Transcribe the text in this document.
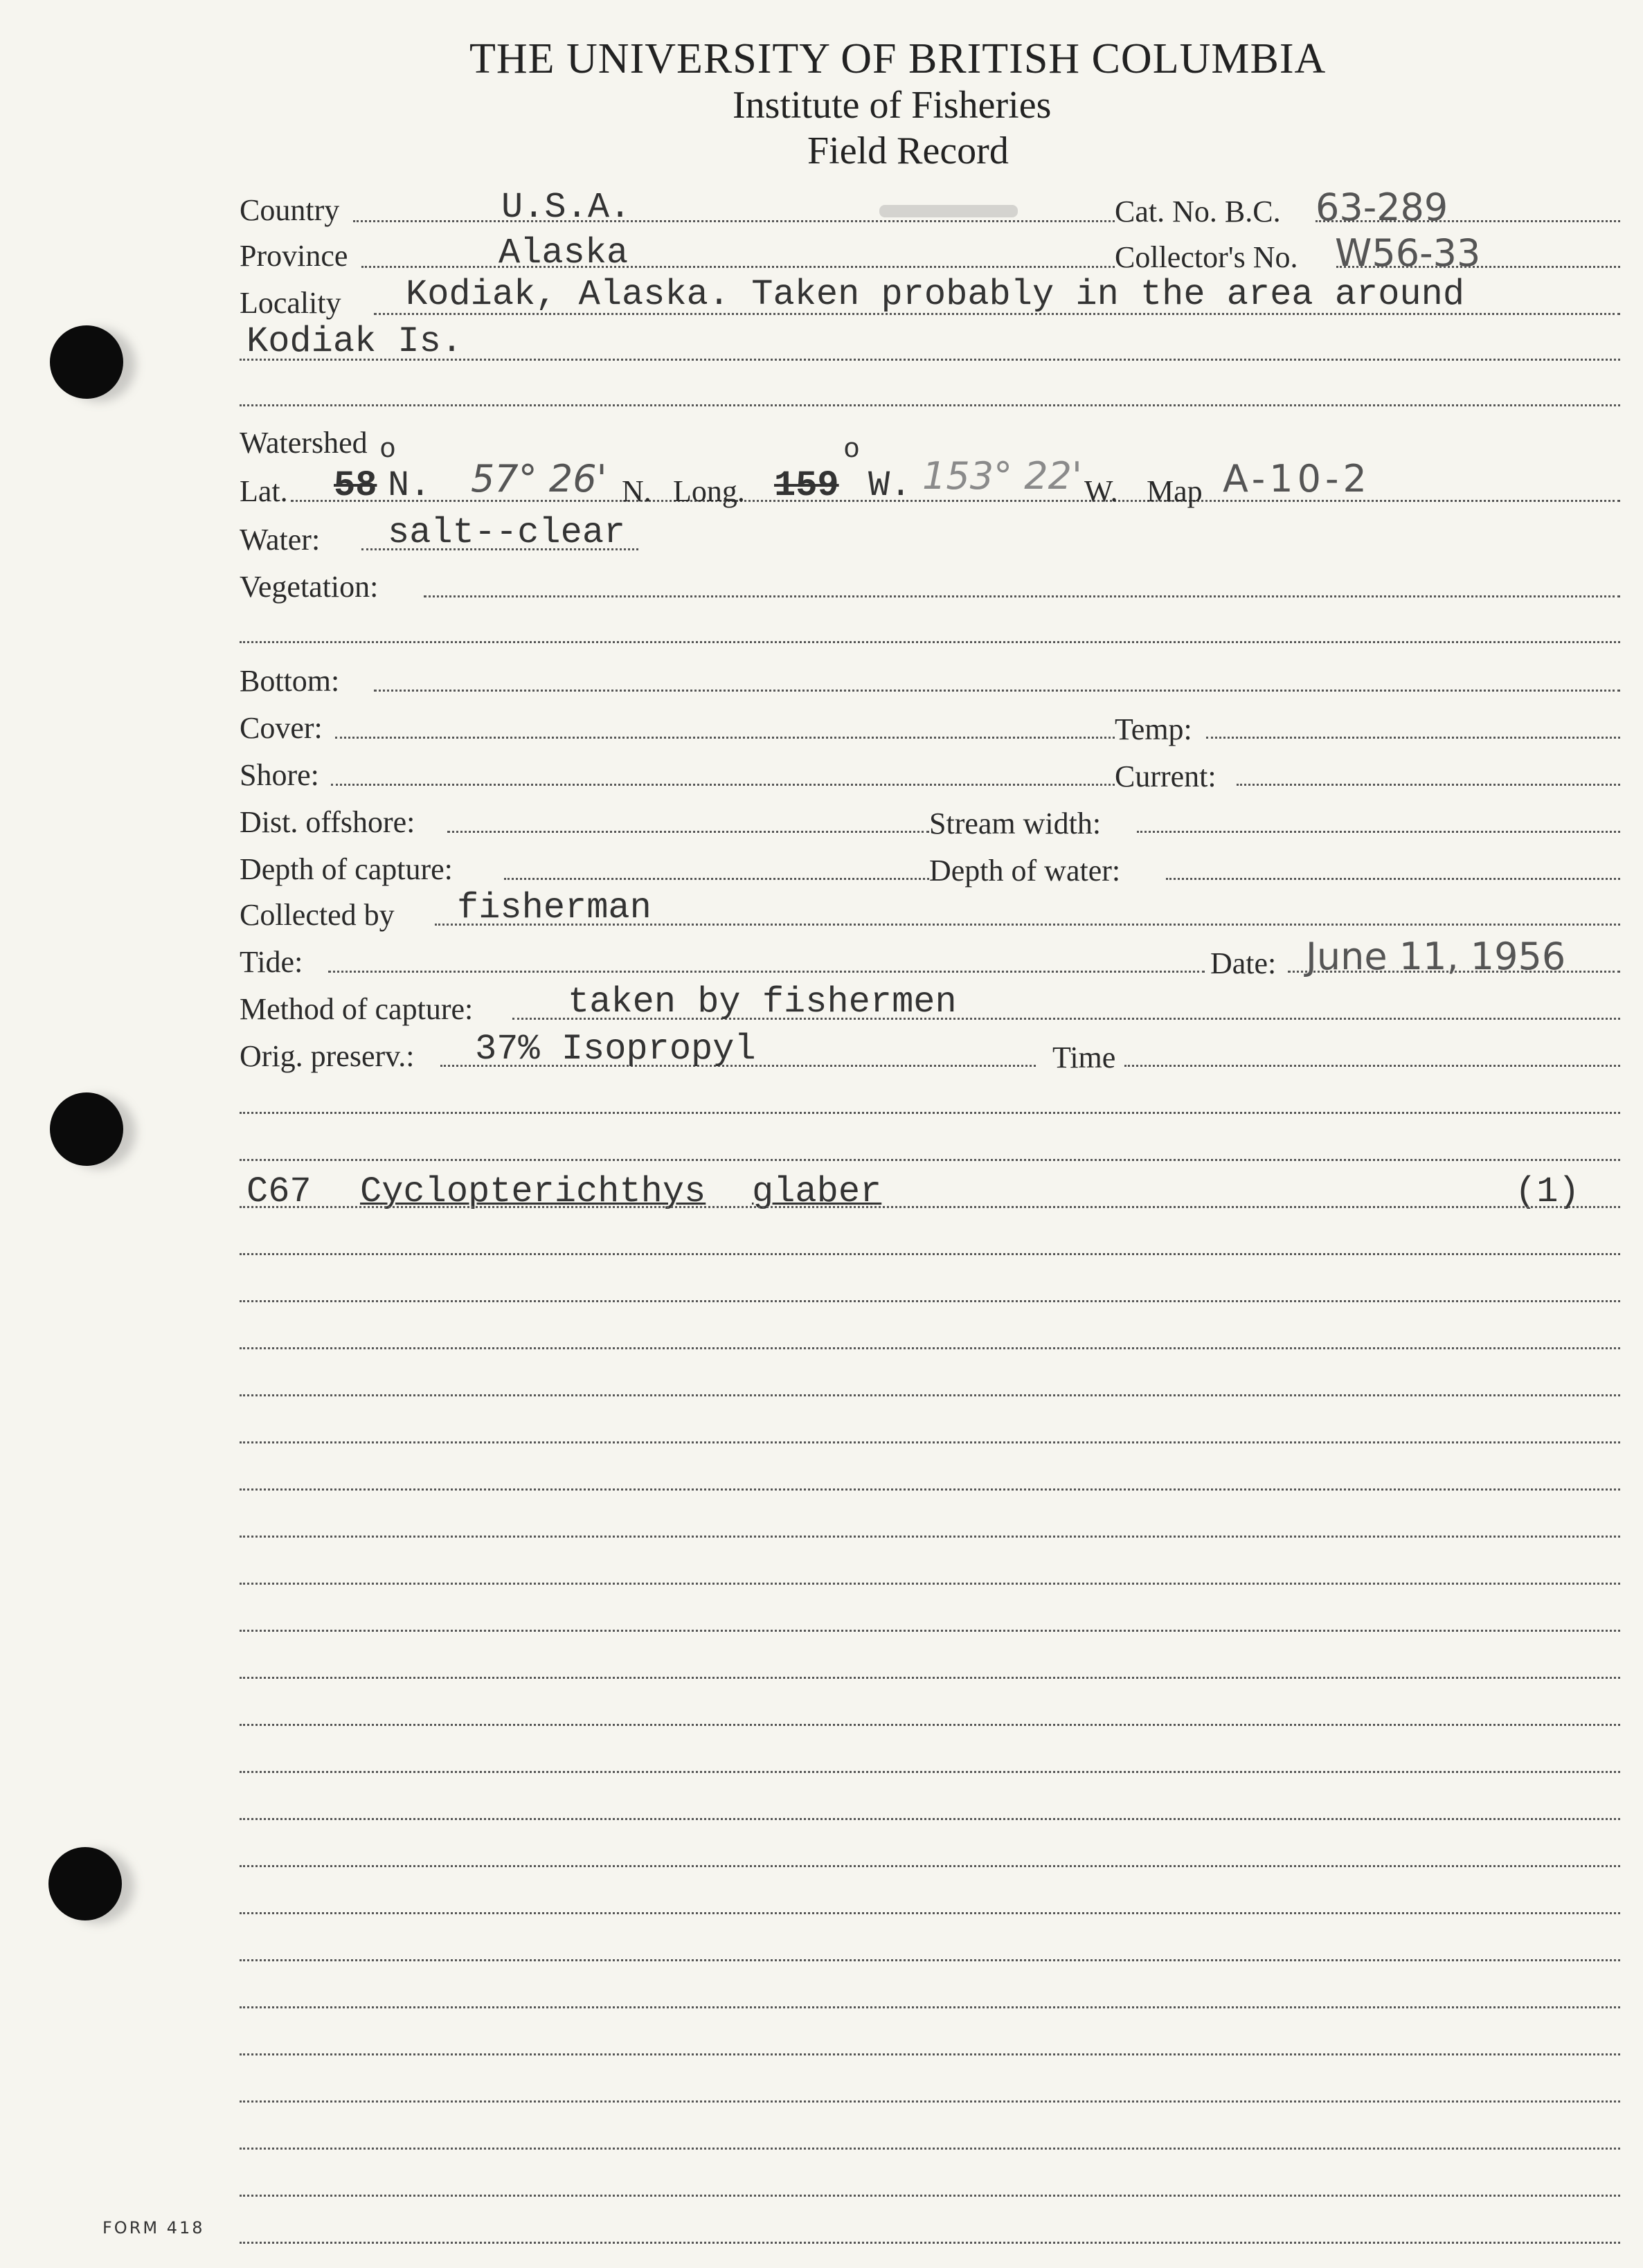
THE UNIVERSITY OF BRITISH COLUMBIA
Institute of Fisheries
Field Record
Country	U.S.A.	Cat. No. B.C. 63-289
Province	Alaska	Collector's No. W56-33
Locality Kodiak, Alaska. Taken probably in the area around
Kodiak Is.
Watershed
Lat. 58
o
N. 57° 26' N. Long. 159
o
W. 153° 22' W. Map A-10-2
Water: salt--clear
Vegetation:
Bottom:
Cover:	Temp:
Shore:	Current:
Dist. offshore:	Stream width:
Depth of capture:	Depth of water:
Collected by fisherman
Tide:	Date: June 11, 1956
Method of capture:	taken by fishermen
Orig. preserv.: 37% Isopropyl	Time
C67 Cyclopterichthys glaber	(1)
FORM 418
